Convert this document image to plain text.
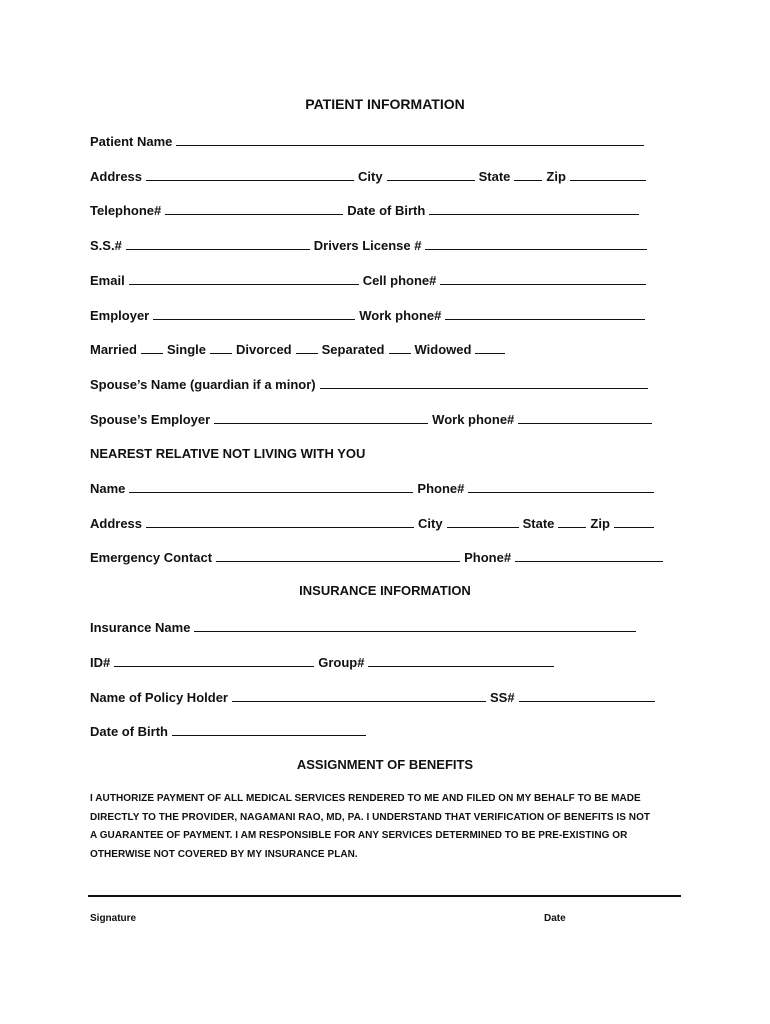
PATIENT INFORMATION
Patient Name
Address	City	State	Zip
Telephone#	Date of Birth
S.S.#	Drivers License #
Email	Cell phone#
Employer	Work phone#
Married	Single	Divorced	Separated	Widowed
Spouse’s Name (guardian if a minor)
Spouse’s Employer	Work phone#
NEAREST RELATIVE NOT LIVING WITH YOU
Name	Phone#
Address	City	State	Zip
Emergency Contact	Phone#
INSURANCE INFORMATION
Insurance Name
ID#	Group#
Name of Policy Holder	SS#
Date of Birth
ASSIGNMENT OF BENEFITS
I AUTHORIZE PAYMENT OF ALL MEDICAL SERVICES RENDERED TO ME AND FILED ON MY BEHALF TO BE MADE
DIRECTLY TO THE PROVIDER, NAGAMANI RAO, MD, PA. I UNDERSTAND THAT VERIFICATION OF BENEFITS IS NOT
A GUARANTEE OF PAYMENT. I AM RESPONSIBLE FOR ANY SERVICES DETERMINED TO BE PRE-EXISTING OR
OTHERWISE NOT COVERED BY MY INSURANCE PLAN.
Signature	Date
